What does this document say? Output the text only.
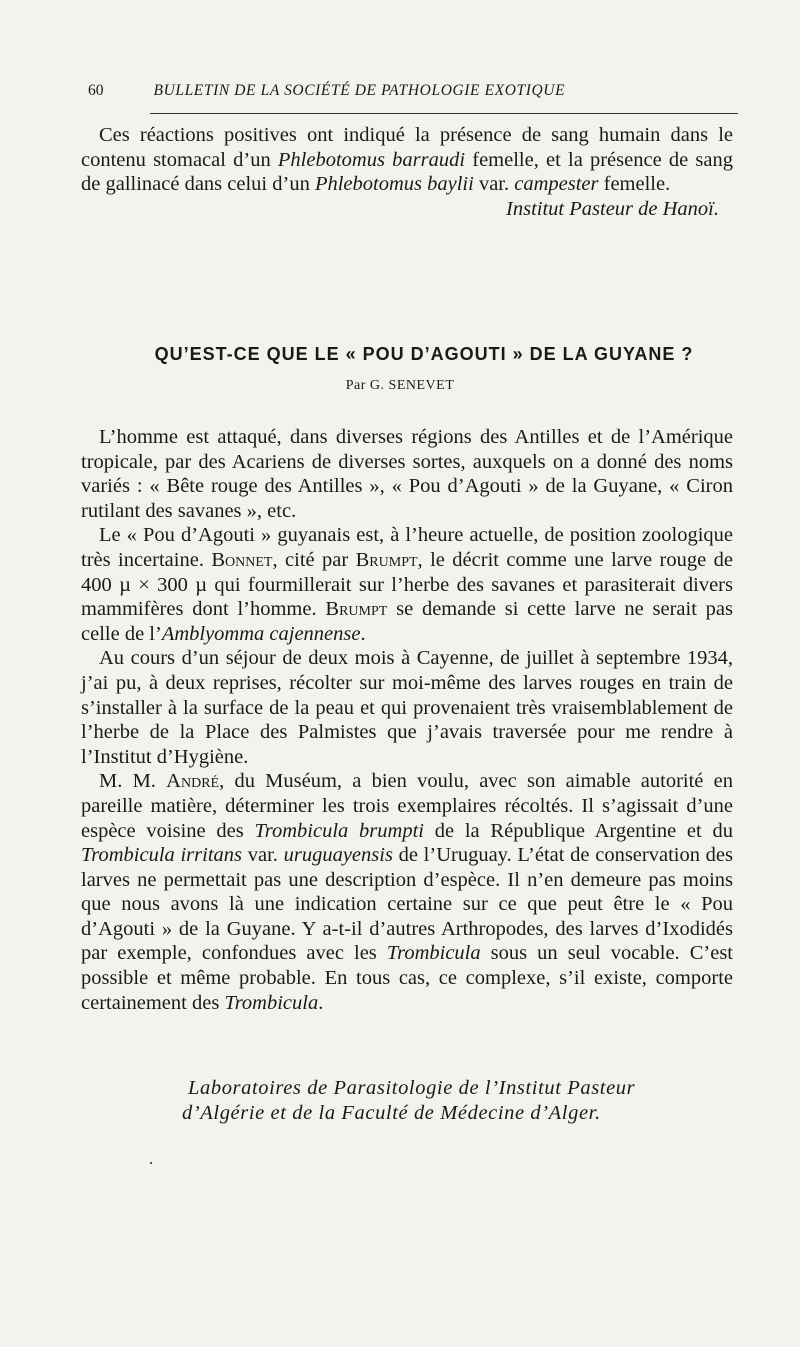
60	BULLETIN DE LA SOCIÉTÉ DE PATHOLOGIE EXOTIQUE

Ces réactions positives ont indiqué la présence de sang humain dans le contenu stomacal d’un Phlebotomus barraudi femelle, et la présence de sang de gallinacé dans celui d’un Phlebotomus baylii var. campester femelle.

Institut Pasteur de Hanoï.

QU’EST-CE QUE LE « POU D’AGOUTI » DE LA GUYANE ?
Par G. SENEVET

L’homme est attaqué, dans diverses régions des Antilles et de l’Amérique tropicale, par des Acariens de diverses sortes, auxquels on a donné des noms variés : « Bête rouge des Antilles », « Pou d’Agouti » de la Guyane, « Ciron rutilant des savanes », etc.

Le « Pou d’Agouti » guyanais est, à l’heure actuelle, de position zoologique très incertaine. Bonnet, cité par Brumpt, le décrit comme une larve rouge de 400 µ × 300 µ qui fourmillerait sur l’herbe des savanes et parasiterait divers mammifères dont l’homme. Brumpt se demande si cette larve ne serait pas celle de l’Amblyomma cajennense.

Au cours d’un séjour de deux mois à Cayenne, de juillet à septembre 1934, j’ai pu, à deux reprises, récolter sur moi-même des larves rouges en train de s’installer à la surface de la peau et qui provenaient très vraisemblablement de l’herbe de la Place des Palmistes que j’avais traversée pour me rendre à l’Institut d’Hygiène.

M. M. André, du Muséum, a bien voulu, avec son aimable autorité en pareille matière, déterminer les trois exemplaires récoltés. Il s’agissait d’une espèce voisine des Trombicula brumpti de la République Argentine et du Trombicula irritans var. uruguayensis de l’Uruguay. L’état de conservation des larves ne permettait pas une description d’espèce. Il n’en demeure pas moins que nous avons là une indication certaine sur ce que peut être le « Pou d’Agouti » de la Guyane. Y a-t-il d’autres Arthropodes, des larves d’Ixodidés par exemple, confondues avec les Trombicula sous un seul vocable. C’est possible et même probable. En tous cas, ce complexe, s’il existe, comporte certainement des Trombicula.

Laboratoires de Parasitologie de l’Institut Pasteur
d’Algérie et de la Faculté de Médecine d’Alger.
